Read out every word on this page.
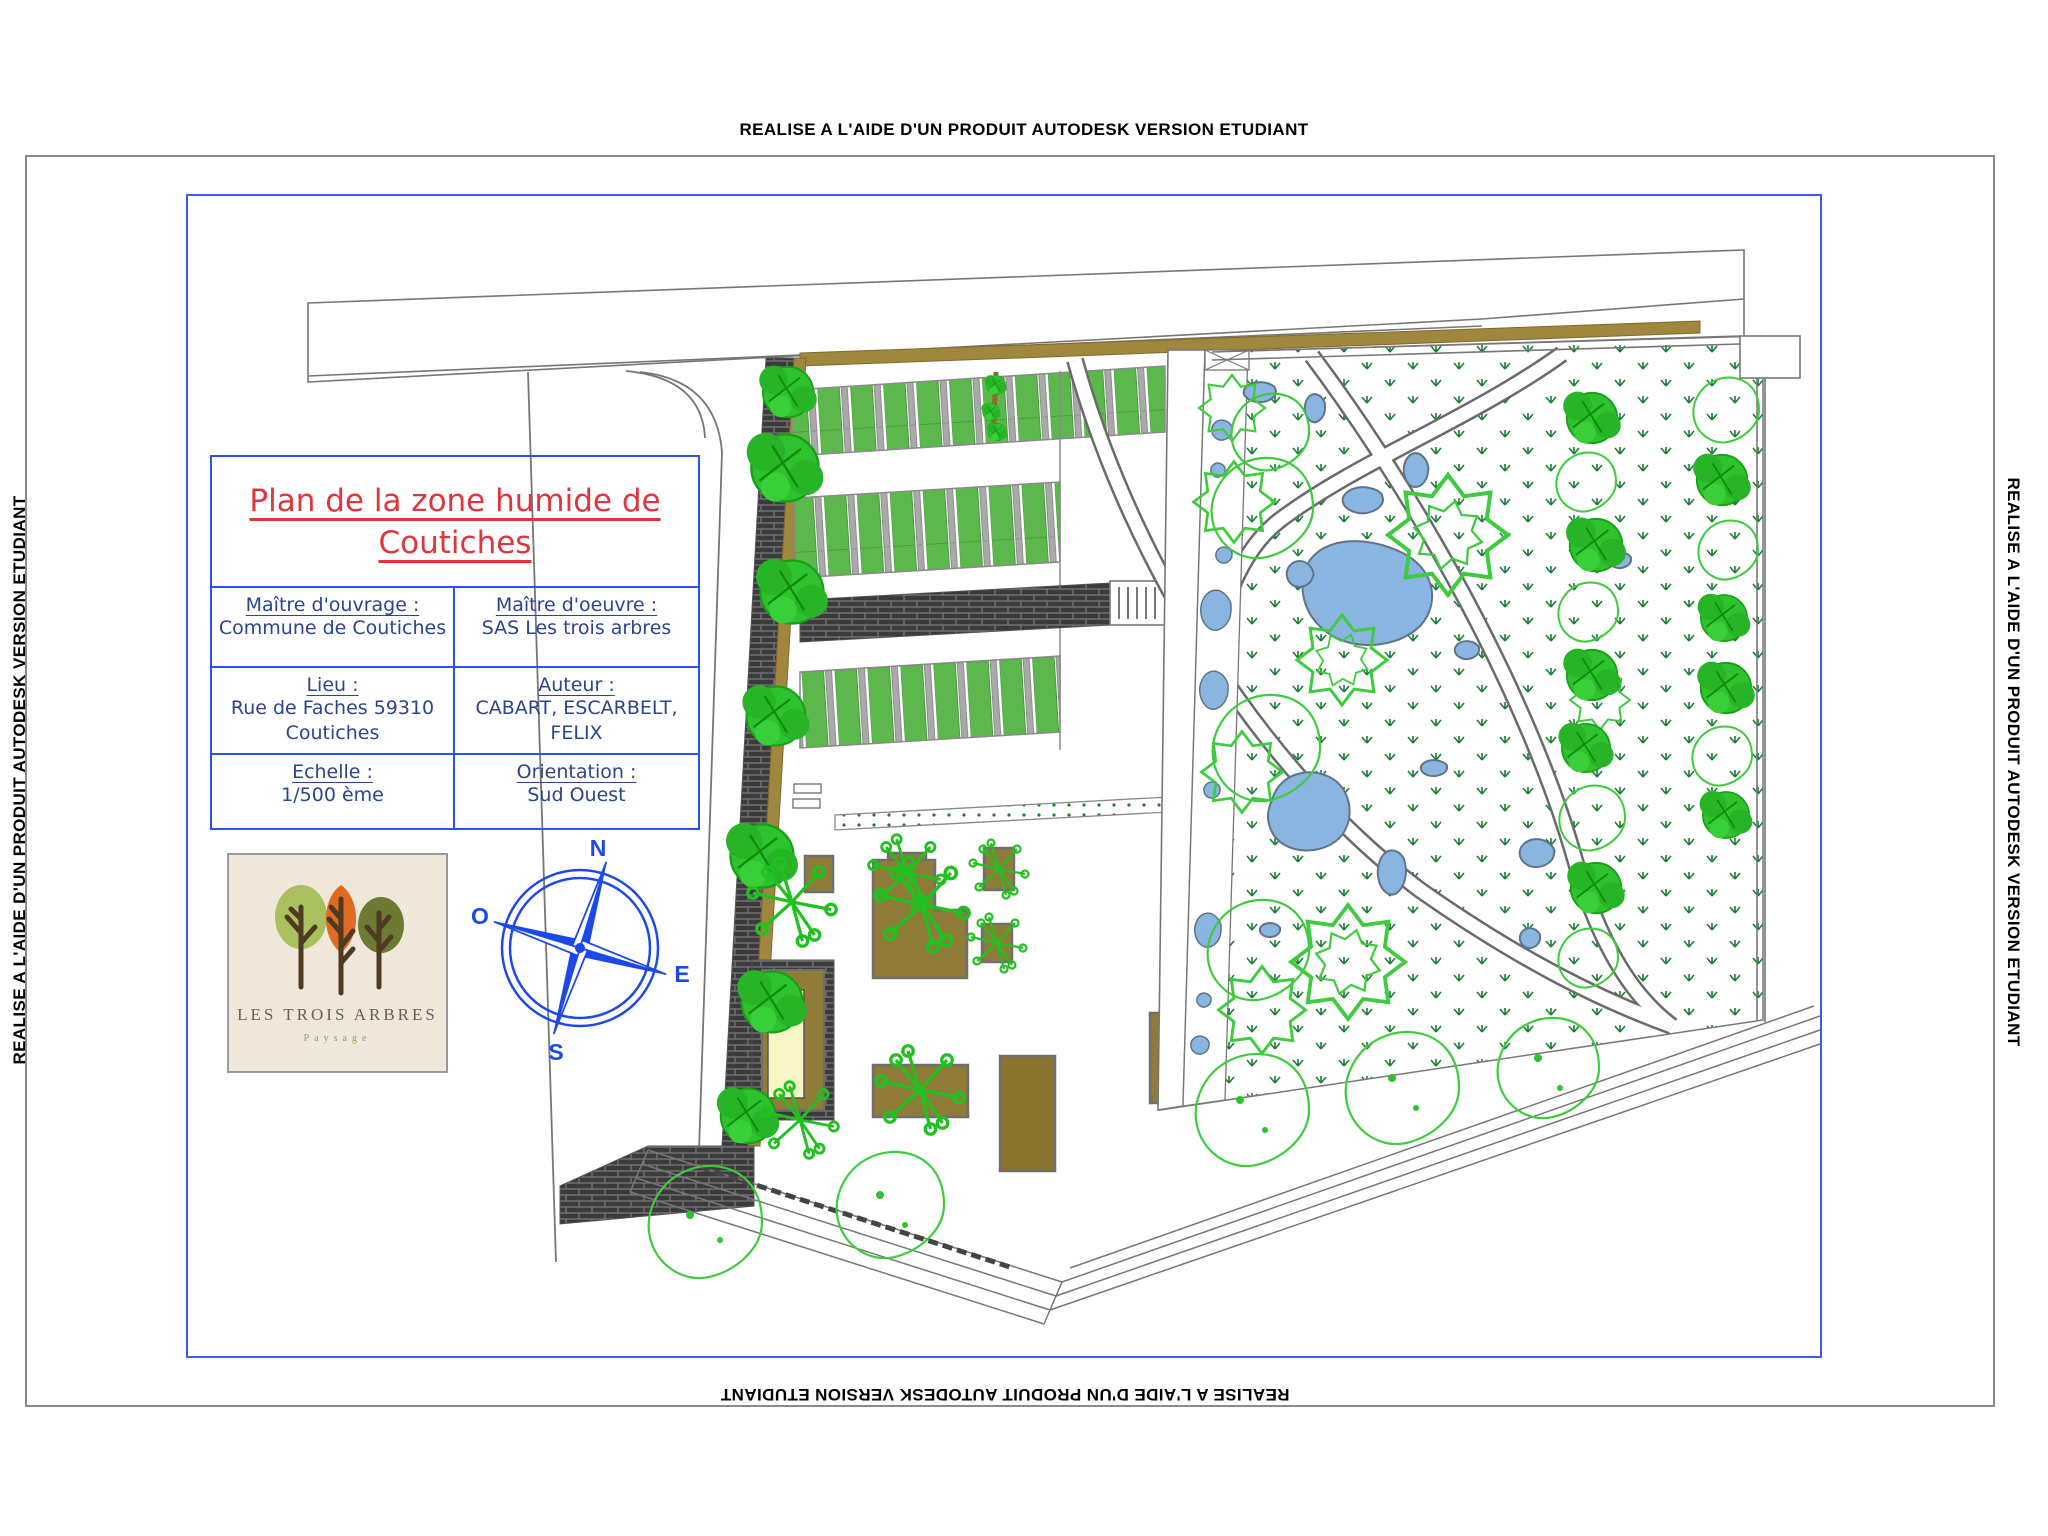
REALISE A L'AIDE D'UN PRODUIT AUTODESK VERSION ETUDIANT
REALISE A L'AIDE D'UN PRODUIT AUTODESK VERSION ETUDIANT
REALISE A L'AIDE D'UN PRODUIT AUTODESK VERSION ETUDIANT	REALISE A L'AIDE D'UN PRODUIT AUTODESK VERSION ETUDIANT
Plan de la zone humide de
Coutiches
Maître d'ouvrage :
Commune de Coutiches
Maître d'oeuvre :
SAS Les trois arbres
Lieu :
Rue de Faches 59310
Coutiches
Auteur :
CABART, ESCARBELT,
FELIX
Echelle :
1/500 ème
Orientation :
Sud Ouest
LES TROIS ARBRES
Paysage
N
E
S
O
